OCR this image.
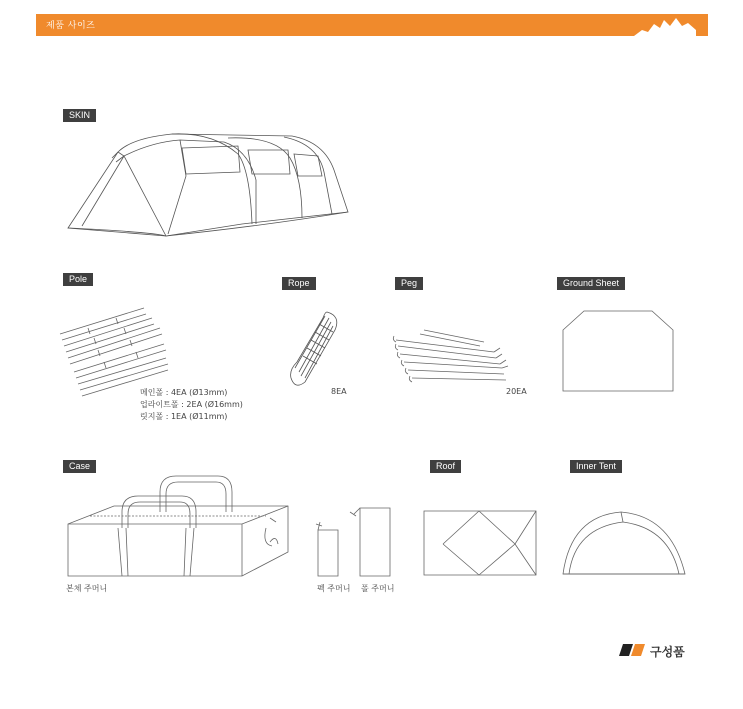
제품 사이즈
SKIN
Pole
메인폴 : 4EA (Ø13mm)
업라이트폴 : 2EA (Ø16mm)
릿지폴 : 1EA (Ø11mm)
Rope
8EA
Peg
20EA
Ground Sheet
Case
본체 주머니	펙 주머니 폴 주머니
Roof	Inner Tent
구성품
